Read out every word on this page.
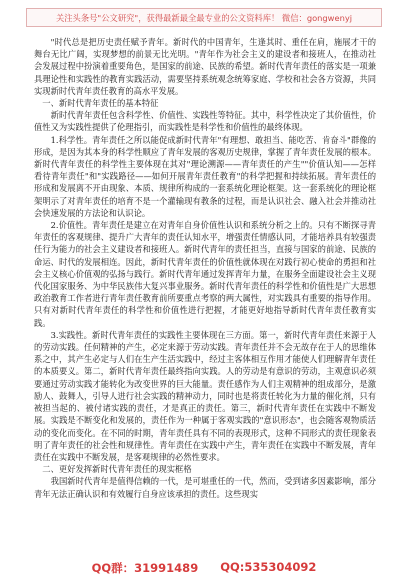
关注头条号"公文研究"，获得最新最全最专业的公文资料库！ 微信：gongwenyj

"时代总是把历史责任赋予青年。新时代的中国青年，生逢其时、重任在肩，施展才干的舞台无比广阔，实现梦想的前景无比光明。"青年作为社会主义的建设者和接班人，在推动社会发展过程中扮演着重要角色，是国家的前途、民族的希望。新时代青年责任的落实是一项兼具理论性和实践性的教育实践活动，需要坚持系统观念统筹家庭、学校和社会各方资源，共同实现新时代青年责任教育的高水平发展。

一、新时代青年责任的基本特征

新时代青年责任包含科学性、价值性、实践性等特征。其中，科学性决定了其价值性，价值性又为实践性提供了伦理指引，而实践性是科学性和价值性的最终体现。

1.科学性。青年责任之所以能促成新时代青年"有理想、敢担当、能吃苦、肯奋斗"群像的形成，是因为其本身的科学性顺应了青年发展的客观历史规律，掌握了青年责任发展的根本。新时代青年责任的科学性主要体现在其对"理论溯源——青年责任的产生""价值认知——怎样看待青年责任"和"实践路径——如何开展青年责任教育"的科学把握和持续拓展。青年责任的形成和发展离不开由现象、本质、规律所构成的一套系统化理论框架。这一套系统化的理论框架明示了对青年责任的培育不是一个灌输现有教条的过程，而是认识社会、融入社会并推动社会快速发展的方法论和认识论。

2.价值性。青年责任是建立在对青年自身价值性认识和系统分析之上的。只有不断探寻青年责任的客观规律、提升广大青年的责任认知水平，增强责任情感认同，才能培养具有较强责任行为能力的社会主义建设者和接班人。新时代青年的责任担当，直接与国家的前途、民族的命运、时代的发展相连。因此，新时代青年责任的价值性就体现在对践行初心使命的勇担和社会主义核心价值观的弘扬与践行。新时代青年通过发挥青年力量，在服务全面建设社会主义现代化国家服务、为中华民族伟大复兴事业服务。新时代青年责任的科学性和价值性是广大思想政治教育工作者进行青年责任教育前所要重点考察的两大属性，对实践具有重要的指导作用。只有对新时代青年责任的科学性和价值性进行把握，才能更好地指导新时代青年责任教育实践。

3.实践性。新时代青年责任的实践性主要体现在三方面。第一，新时代青年责任来源于人的劳动实践。任何精神的产生，必定来源于劳动实践。青年责任并不会无故存在于人的思维体系之中，其产生必定与人们在生产生活实践中，经过主客体相互作用才能使人们理解青年责任的本质要义。第二，新时代青年责任最终指向实践。人的劳动是有意识的劳动，主观意识必须要通过劳动实践才能转化为改变世界的巨大能量。责任感作为人们主观精神的组成部分，是激励人、鼓舞人，引导人进行社会实践的精神动力，同时也是将责任转化为力量的催化剂，只有被担当起的、被付诸实践的责任，才是真正的责任。第三，新时代青年责任在实践中不断发展。实践是不断变化和发展的，责任作为一种属于客观实践的"意识形态"，也会随客观物质活动的变化而变化。在不同的时期，青年责任具有不同的表现形式，这种不同形式的责任现象表明了青年责任的社会性和规律性。青年责任在实践中产生，青年责任在实践中不断发展，青年责任在实践中不断发展，是客观规律的必然性要求。

二、更好发挥新时代青年责任的现实框格

我国新时代青年是值得信赖的一代，是可堪重任的一代，然而，受到诸多因素影响，部分青年无法正确认识和有效履行自身应该承担的责任。这些现实

QQ群：31991489 QQ:535304092
